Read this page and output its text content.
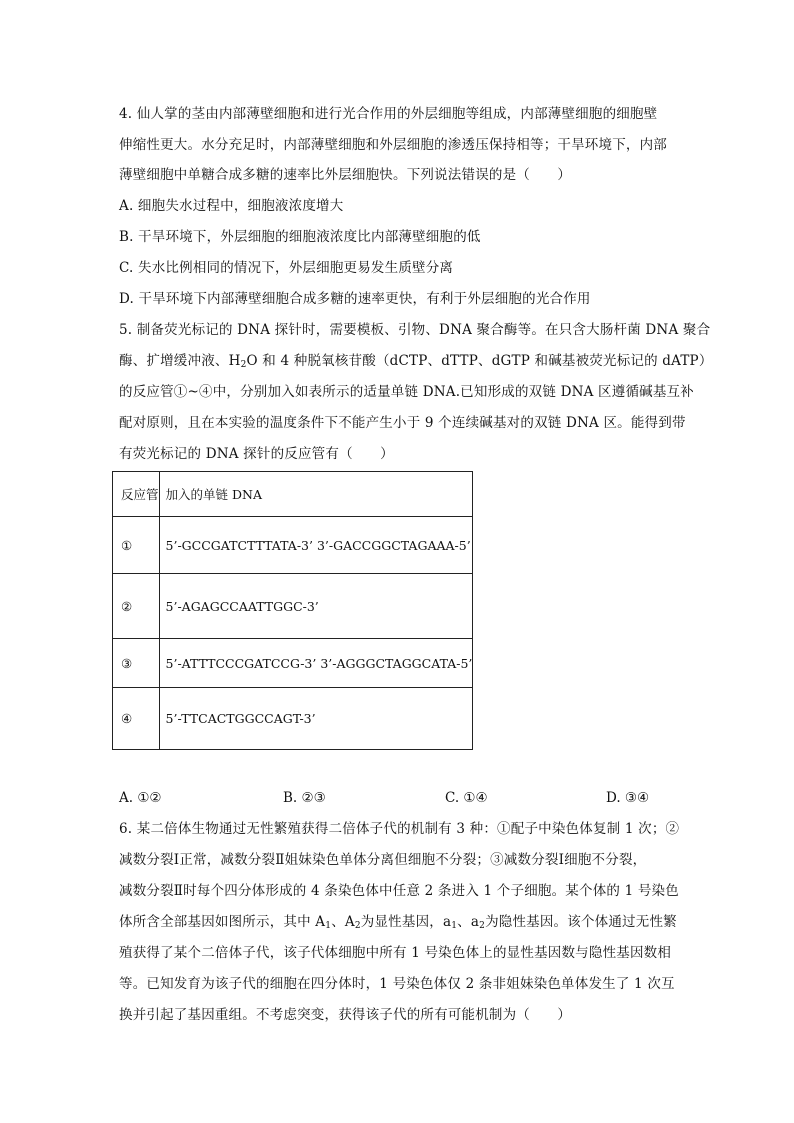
4. 仙人掌的茎由内部薄壁细胞和进行光合作用的外层细胞等组成，内部薄壁细胞的细胞壁
伸缩性更大。水分充足时，内部薄壁细胞和外层细胞的渗透压保持相等；干旱环境下，内部
薄壁细胞中单糖合成多糖的速率比外层细胞快。下列说法错误的是（　　）
A. 细胞失水过程中，细胞液浓度增大
B. 干旱环境下，外层细胞的细胞液浓度比内部薄壁细胞的低
C. 失水比例相同的情况下，外层细胞更易发生质壁分离
D. 干旱环境下内部薄壁细胞合成多糖的速率更快，有利于外层细胞的光合作用
5. 制备荧光标记的 DNA 探针时，需要模板、引物、DNA 聚合酶等。在只含大肠杆菌 DNA 聚合
酶、扩增缓冲液、$H_2O$ 和 4 种脱氧核苷酸（dCTP、dTTP、dGTP 和碱基被荧光标记的 dATP）
的反应管①~④中，分别加入如表所示的适量单链 DNA.已知形成的双链 DNA 区遵循碱基互补
配对原则，且在本实验的温度条件下不能产生小于 9 个连续碱基对的双链 DNA 区。能得到带
有荧光标记的 DNA 探针的反应管有（　　）
反应管	加入的单链 DNA
①	5’-GCCGATCTTTATA-3’ 3’-GACCGGCTAGAAA-5’
②	5’-AGAGCCAATTGGC-3’
③	5’-ATTTCCCGATCCG-3’ 3’-AGGGCTAGGCATA-5’
④	5’-TTCACTGGCCAGT-3’
A. ①②	B. ②③	C. ①④	D. ③④
6. 某二倍体生物通过无性繁殖获得二倍体子代的机制有 3 种：①配子中染色体复制 1 次；②
减数分裂Ⅰ正常，减数分裂Ⅱ姐妹染色单体分离但细胞不分裂；③减数分裂Ⅰ细胞不分裂，
减数分裂Ⅱ时每个四分体形成的 4 条染色体中任意 2 条进入 1 个子细胞。某个体的 1 号染色
体所含全部基因如图所示，其中 $A_1$、$A_2$为显性基因，$a_1$、$a_2$为隐性基因。该个体通过无性繁
殖获得了某个二倍体子代，该子代体细胞中所有 1 号染色体上的显性基因数与隐性基因数相
等。已知发育为该子代的细胞在四分体时，1 号染色体仅 2 条非姐妹染色单体发生了 1 次互
换并引起了基因重组。不考虑突变，获得该子代的所有可能机制为（　　）
